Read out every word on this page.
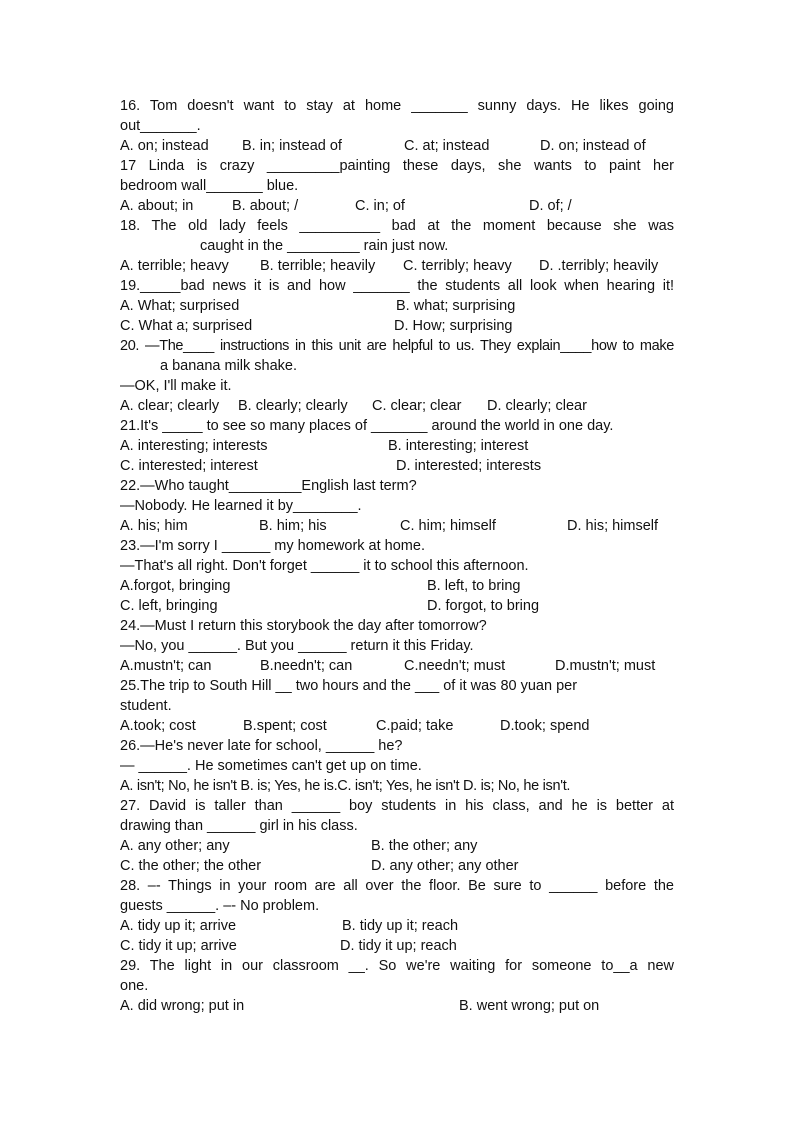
16. Tom doesn't want to stay at home _______ sunny days. He likes going
out_______.
A. on; instead B. in; instead of	C. at; instead	D. on; instead of
17 Linda is crazy _________painting these days, she wants to paint her
bedroom wall_______ blue.
A. about; in	B. about; /	C. in; of	D. of; /
18. The old lady feels __________ bad at the moment because she was
caught in the _________ rain just now.
A. terrible; heavy B. terrible; heavily C. terribly; heavy D. .terribly; heavily
19._____bad news it is and how _______ the students all look when hearing it!
A. What; surprised	B. what; surprising
C. What a; surprised	D. How; surprising
20. —The____ instructions in this unit are helpful to us. They explain____how to make
a banana milk shake.
—OK, I'll make it.
A. clear; clearly B. clearly; clearly C. clear; clear D. clearly; clear
21.It's _____ to see so many places of _______ around the world in one day.
A. interesting; interests	B. interesting; interest
C. interested; interest	D. interested; interests
22.—Who taught_________English last term?
—Nobody. He learned it by________.
A. his; him	B. him; his	C. him; himself	D. his; himself
23.—I'm sorry I ______ my homework at home.
—That's all right. Don't forget ______ it to school this afternoon.
A.forgot, bringing	B. left, to bring
C. left, bringing	D. forgot, to bring
24.—Must I return this storybook the day after tomorrow?
—No, you ______. But you ______ return it this Friday.
A.mustn't; can	B.needn't; can	C.needn't; must	D.mustn't; must
25.The trip to South Hill __ two hours and the ___ of it was 80 yuan per
student.
A.took; cost	B.spent; cost	C.paid; take	D.took; spend
26.—He's never late for school, ______ he?
— ______. He sometimes can't get up on time.
A. isn't; No, he isn't B. is; Yes, he is.C. isn't; Yes, he isn't D. is; No, he isn't.
27. David is taller than ______ boy students in his class, and he is better at
drawing than ______ girl in his class.
A. any other; any	B. the other; any
C. the other; the other	D. any other; any other
28. –- Things in your room are all over the floor. Be sure to ______ before the
guests ______. –- No problem.
A. tidy up it; arrive	B. tidy up it; reach
C. tidy it up; arrive	D. tidy it up; reach
29. The light in our classroom __. So we're waiting for someone to__a new
one.
A. did wrong; put in	B. went wrong; put on
